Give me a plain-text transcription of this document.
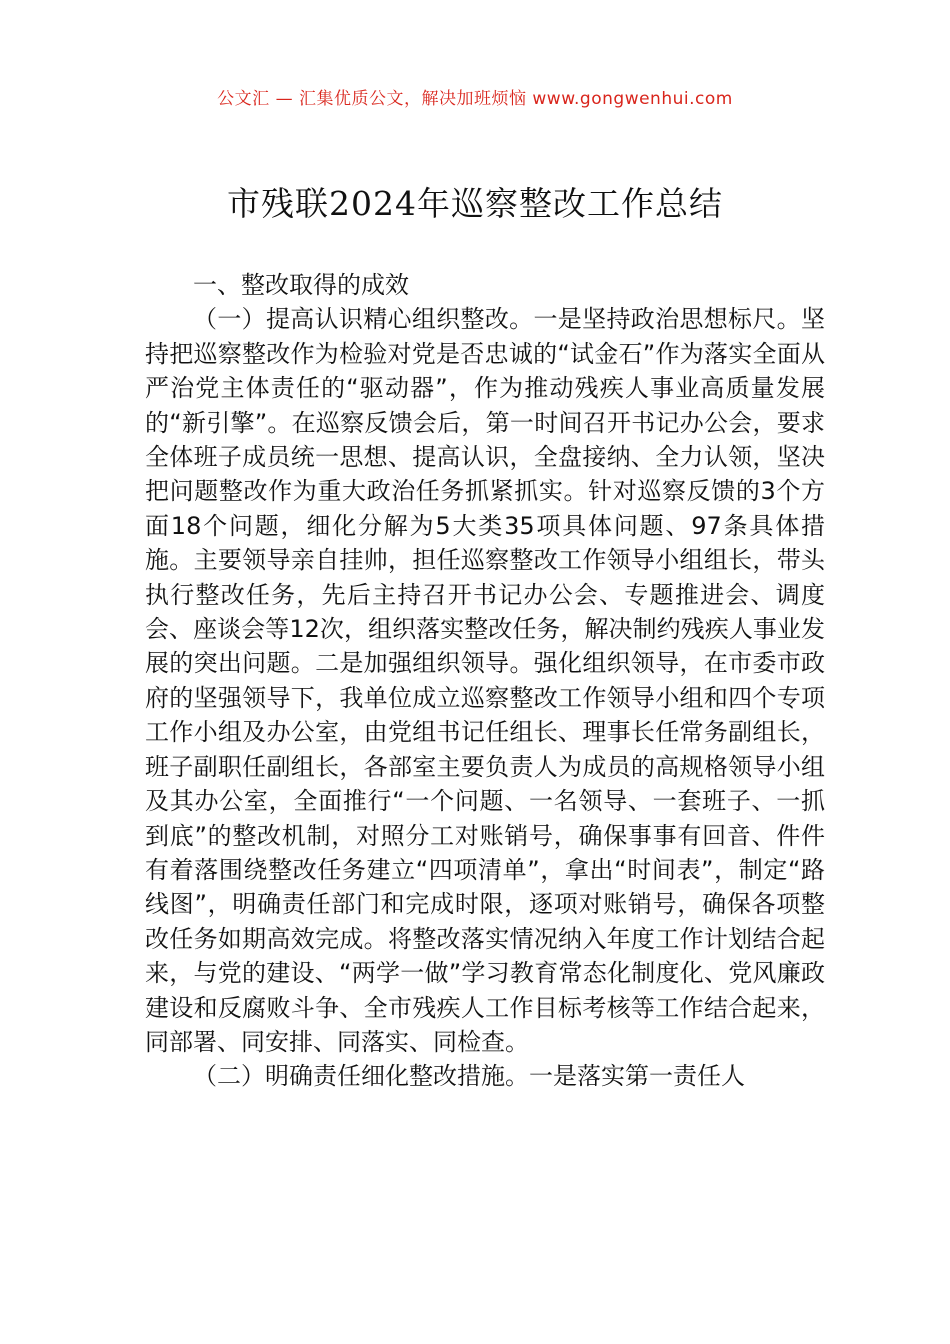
公文汇 — 汇集优质公文，解决加班烦恼 www.gongwenhui.com
市残联2024年巡察整改工作总结
一、整改取得的成效

（一）提高认识精心组织整改。一是坚持政治思想标尺。坚持把巡察整改作为检验对党是否忠诚的“试金石”作为落实全面从严治党主体责任的“驱动器”，作为推动残疾人事业高质量发展的“新引擎”。在巡察反馈会后，第一时间召开书记办公会，要求全体班子成员统一思想、提高认识，全盘接纳、全力认领，坚决把问题整改作为重大政治任务抓紧抓实。针对巡察反馈的3个方面18个问题，细化分解为5大类35项具体问题、97条具体措施。主要领导亲自挂帅，担任巡察整改工作领导小组组长，带头执行整改任务，先后主持召开书记办公会、专题推进会、调度会、座谈会等12次，组织落实整改任务，解决制约残疾人事业发展的突出问题。二是加强组织领导。强化组织领导，在市委市政府的坚强领导下，我单位成立巡察整改工作领导小组和四个专项工作小组及办公室，由党组书记任组长、理事长任常务副组长，班子副职任副组长，各部室主要负责人为成员的高规格领导小组及其办公室，全面推行“一个问题、一名领导、一套班子、一抓到底”的整改机制，对照分工对账销号，确保事事有回音、件件有着落围绕整改任务建立“四项清单”，拿出“时间表”，制定“路线图”，明确责任部门和完成时限，逐项对账销号，确保各项整改任务如期高效完成。将整改落实情况纳入年度工作计划结合起来，与党的建设、“两学一做”学习教育常态化制度化、党风廉政建设和反腐败斗争、全市残疾人工作目标考核等工作结合起来，同部署、同安排、同落实、同检查。

（二）明确责任细化整改措施。一是落实第一责任人
